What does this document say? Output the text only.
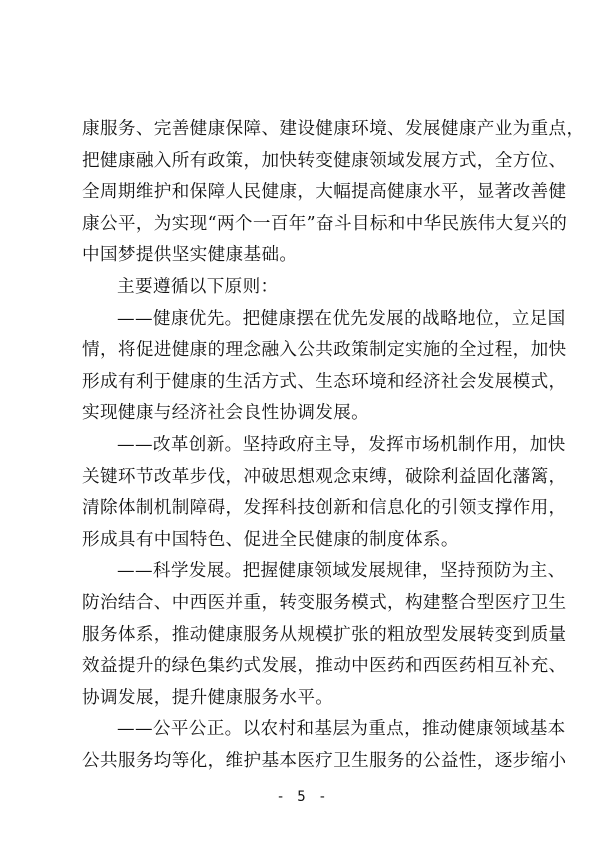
康服务、完善健康保障、建设健康环境、发展健康产业为重点，
把健康融入所有政策，加快转变健康领域发展方式，全方位、
全周期维护和保障人民健康，大幅提高健康水平，显著改善健
康公平，为实现“两个一百年”奋斗目标和中华民族伟大复兴的
中国梦提供坚实健康基础。
主要遵循以下原则：
——健康优先。把健康摆在优先发展的战略地位，立足国
情，将促进健康的理念融入公共政策制定实施的全过程，加快
形成有利于健康的生活方式、生态环境和经济社会发展模式，
实现健康与经济社会良性协调发展。
——改革创新。坚持政府主导，发挥市场机制作用，加快
关键环节改革步伐，冲破思想观念束缚，破除利益固化藩篱，
清除体制机制障碍，发挥科技创新和信息化的引领支撑作用，
形成具有中国特色、促进全民健康的制度体系。
——科学发展。把握健康领域发展规律，坚持预防为主、
防治结合、中西医并重，转变服务模式，构建整合型医疗卫生
服务体系，推动健康服务从规模扩张的粗放型发展转变到质量
效益提升的绿色集约式发展，推动中医药和西医药相互补充、
协调发展，提升健康服务水平。
——公平公正。以农村和基层为重点，推动健康领域基本
公共服务均等化，维护基本医疗卫生服务的公益性，逐步缩小
- 5 -
